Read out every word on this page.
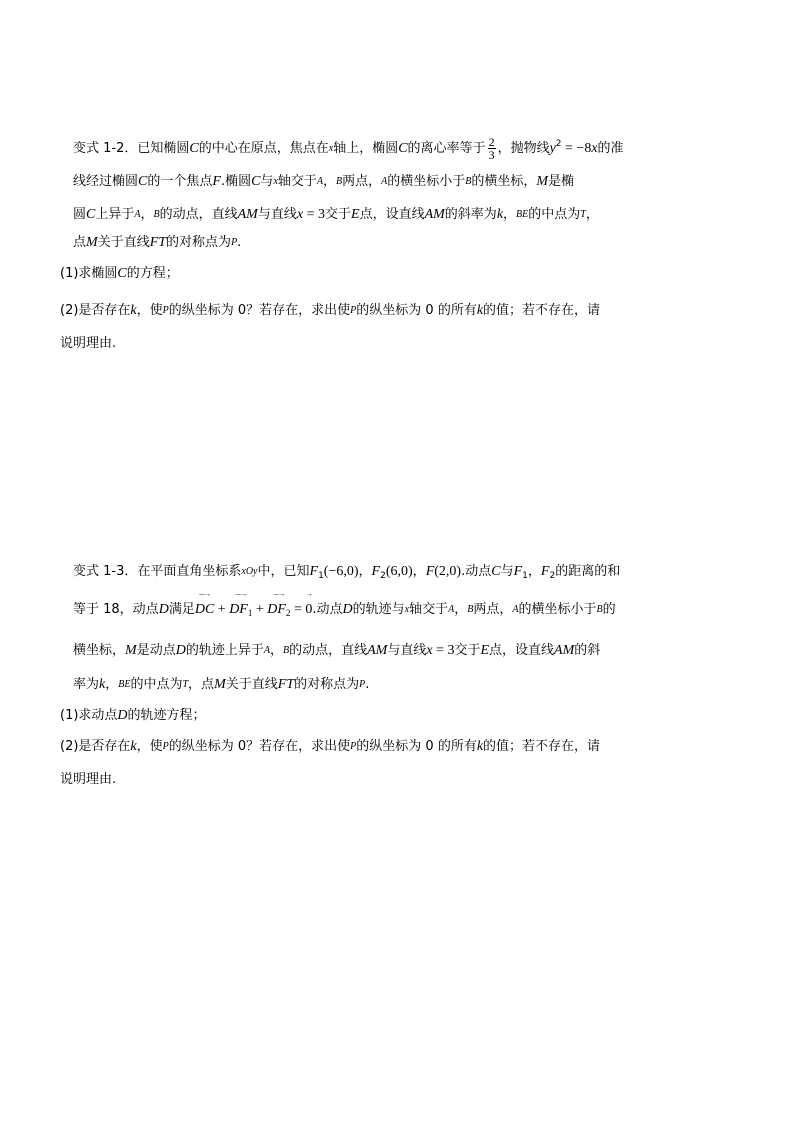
变式 1-2．已知椭圆C的中心在原点，焦点在x轴上，椭圆C的离心率等于 $\frac{2}{3}$ ，抛物线$y^2 = -8x$的准
线经过椭圆C的一个焦点F.椭圆C与x轴交于A，B两点，A的横坐标小于B的横坐标，M是椭
圆C上异于A，B的动点，直线AM与直线x = 3交于E点，设直线AM的斜率为k，BE的中点为T，
点M关于直线FT的对称点为P.
(1)求椭圆C的方程；
(2)是否存在k，使P的纵坐标为 0？若存在，求出使P的纵坐标为 0 的所有k的值；若不存在，请
说明理由.
变式 1-3．在平面直角坐标系xOy中，已知$F_1(-6,0)$，$F_2(6,0)$，F(2,0).动点C与$F_1$，$F_2$的距离的和
等于 18，动点D满足
‒‒→
DC +
‒‒→
$DF_1$ +
‒‒→
$DF_2$ =
→
0.动点D的轨迹与x轴交于A，B两点，A的横坐标小于B的
横坐标，M是动点D的轨迹上异于A，B的动点，直线AM与直线x = 3交于E点，设直线AM的斜
率为k，BE的中点为T，点M关于直线FT的对称点为P.
(1)求动点D的轨迹方程；
(2)是否存在k，使P的纵坐标为 0？若存在，求出使P的纵坐标为 0 的所有k的值；若不存在，请
说明理由.
